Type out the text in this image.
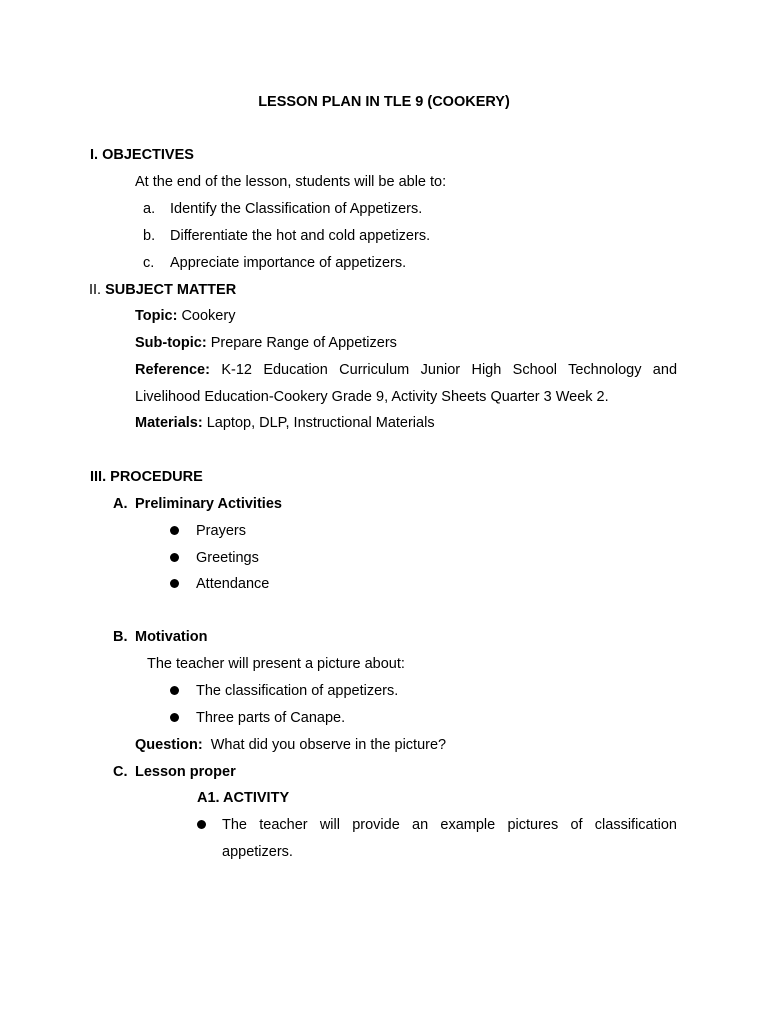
LESSON PLAN IN TLE 9 (COOKERY)
I. OBJECTIVES
At the end of the lesson, students will be able to:
a. Identify the Classification of Appetizers.
b. Differentiate the hot and cold appetizers.
c. Appreciate importance of appetizers.
II. SUBJECT MATTER
Topic: Cookery
Sub-topic: Prepare Range of Appetizers
Reference: K-12 Education Curriculum Junior High School Technology and
Livelihood Education-Cookery Grade 9, Activity Sheets Quarter 3 Week 2.
Materials: Laptop, DLP, Instructional Materials
III. PROCEDURE
A. Preliminary Activities
Prayers
Greetings
Attendance
B. Motivation
The teacher will present a picture about:
The classification of appetizers.
Three parts of Canape.
Question: What did you observe in the picture?
C. Lesson proper
A1. ACTIVITY
The teacher will provide an example pictures of classification
appetizers.
